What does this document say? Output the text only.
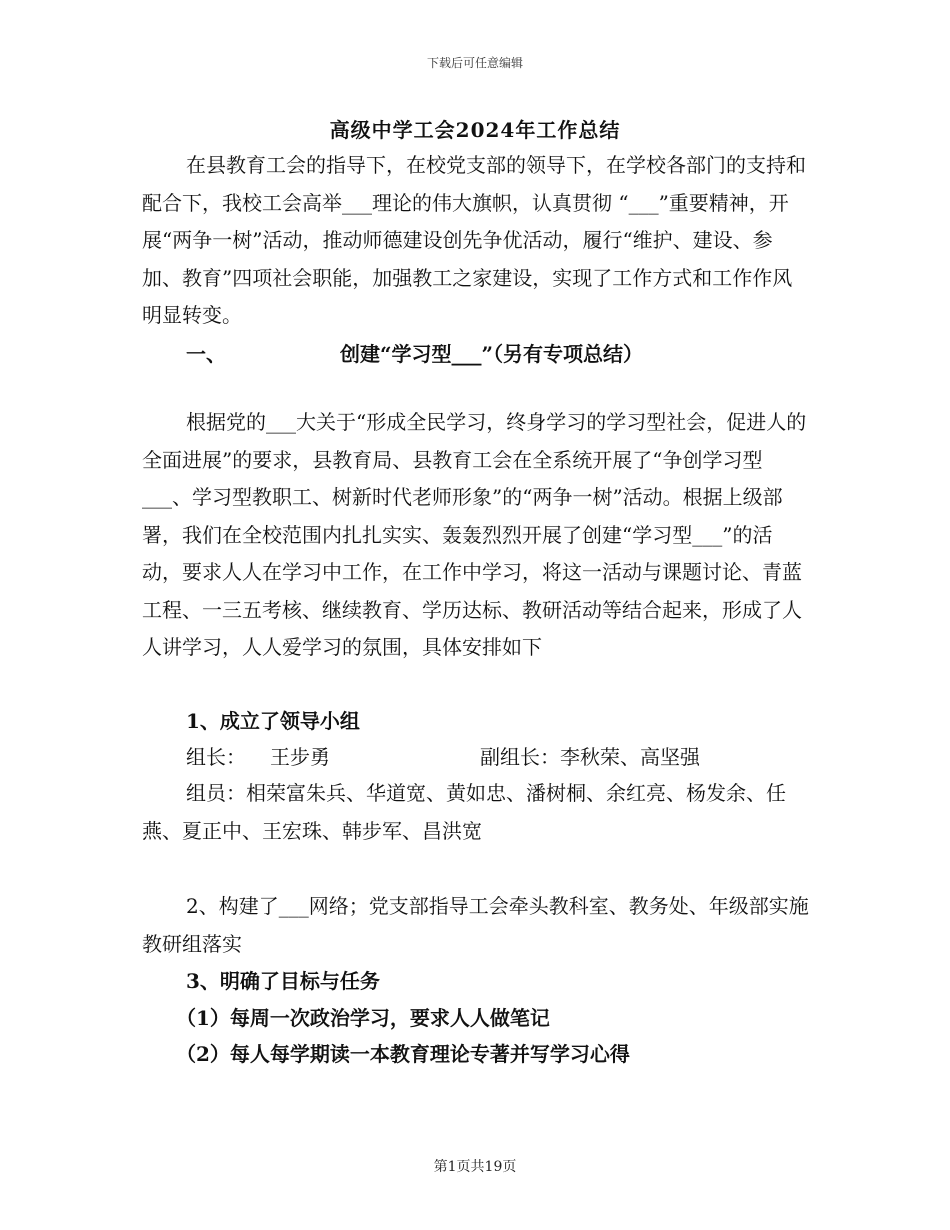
下载后可任意编辑
高级中学工会2024年工作总结

在县教育工会的指导下，在校党支部的领导下，在学校各部门的支持和配合下，我校工会高举___理论的伟大旗帜，认真贯彻 “___”重要精神，开展“两争一树”活动，推动师德建设创先争优活动，履行“维护、建设、参加、教育”四项社会职能，加强教工之家建设，实现了工作方式和工作作风明显转变。

一、	创建“学习型___”（另有专项总结）

根据党的___大关于“形成全民学习，终身学习的学习型社会，促进人的全面进展”的要求，县教育局、县教育工会在全系统开展了“争创学习型___、学习型教职工、树新时代老师形象”的“两争一树”活动。根据上级部署，我们在全校范围内扎扎实实、轰轰烈烈开展了创建“学习型___”的活动，要求人人在学习中工作，在工作中学习，将这一活动与课题讨论、青蓝工程、一三五考核、继续教育、学历达标、教研活动等结合起来，形成了人人讲学习，人人爱学习的氛围，具体安排如下

1、成立了领导小组
组长： 王步勇	副组长：李秋荣、高坚强

组员：相荣富朱兵、华道宽、黄如忠、潘树桐、余红亮、杨发余、任燕、夏正中、王宏珠、韩步军、昌洪宽

2、构建了___网络；党支部指导工会牵头教科室、教务处、年级部实施教研组落实

3、明确了目标与任务
（1）每周一次政治学习，要求人人做笔记
（2）每人每学期读一本教育理论专著并写学习心得
第1页共19页
